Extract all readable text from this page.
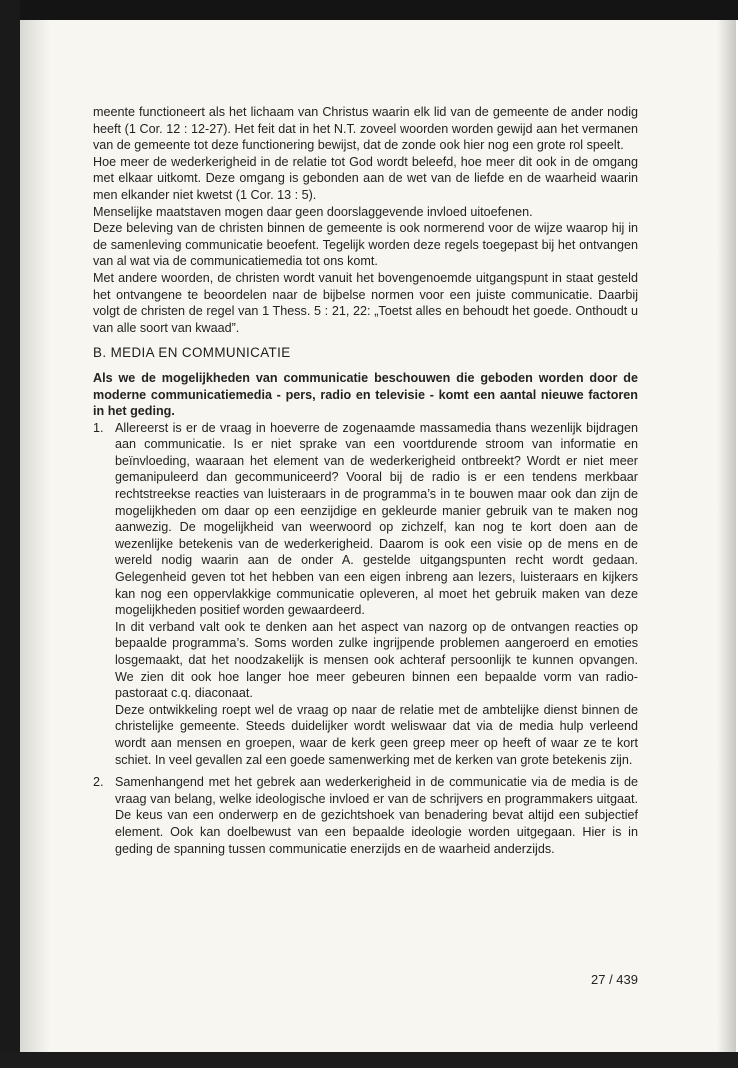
meente functioneert als het lichaam van Christus waarin elk lid van de gemeente de ander nodig heeft (1 Cor. 12 : 12-27). Het feit dat in het N.T. zoveel woorden worden gewijd aan het vermanen van de gemeente tot deze functionering bewijst, dat de zonde ook hier nog een grote rol speelt.

Hoe meer de wederkerigheid in de relatie tot God wordt beleefd, hoe meer dit ook in de omgang met elkaar uitkomt. Deze omgang is gebonden aan de wet van de liefde en de waarheid waarin men elkander niet kwetst (1 Cor. 13 : 5).

Menselijke maatstaven mogen daar geen doorslaggevende invloed uitoefenen.

Deze beleving van de christen binnen de gemeente is ook normerend voor de wijze waarop hij in de samenleving communicatie beoefent. Tegelijk worden deze regels toegepast bij het ontvangen van al wat via de communicatiemedia tot ons komt.

Met andere woorden, de christen wordt vanuit het bovengenoemde uitgangspunt in staat gesteld het ontvangene te beoordelen naar de bijbelse normen voor een juiste communicatie. Daarbij volgt de christen de regel van 1 Thess. 5 : 21, 22: „Toetst alles en behoudt het goede. Onthoudt u van alle soort van kwaad”.

B. MEDIA EN COMMUNICATIE

Als we de mogelijkheden van communicatie beschouwen die geboden worden door de moderne communicatiemedia - pers, radio en televisie - komt een aantal nieuwe factoren in het geding.

1. Allereerst is er de vraag in hoeverre de zogenaamde massamedia thans wezenlijk bijdragen aan communicatie. Is er niet sprake van een voortdurende stroom van informatie en beïnvloeding, waaraan het element van de wederkerigheid ontbreekt? Wordt er niet meer gemanipuleerd dan gecommuniceerd? Vooral bij de radio is er een tendens merkbaar rechtstreekse reacties van luisteraars in de programma’s in te bouwen maar ook dan zijn de mogelijkheden om daar op een eenzijdige en gekleurde manier gebruik van te maken nog aanwezig. De mogelijkheid van weerwoord op zichzelf, kan nog te kort doen aan de wezenlijke betekenis van de wederkerigheid. Daarom is ook een visie op de mens en de wereld nodig waarin aan de onder A. gestelde uitgangspunten recht wordt gedaan. Gelegenheid geven tot het hebben van een eigen inbreng aan lezers, luisteraars en kijkers kan nog een oppervlakkige communicatie opleveren, al moet het gebruik maken van deze mogelijkheden positief worden gewaardeerd.

In dit verband valt ook te denken aan het aspect van nazorg op de ontvangen reacties op bepaalde programma’s. Soms worden zulke ingrijpende problemen aangeroerd en emoties losgemaakt, dat het noodzakelijk is mensen ook achteraf persoonlijk te kunnen opvangen. We zien dit ook hoe langer hoe meer gebeuren binnen een bepaalde vorm van radio-pastoraat c.q. diaconaat.

Deze ontwikkeling roept wel de vraag op naar de relatie met de ambtelijke dienst binnen de christelijke gemeente. Steeds duidelijker wordt weliswaar dat via de media hulp verleend wordt aan mensen en groepen, waar de kerk geen greep meer op heeft of waar ze te kort schiet. In veel gevallen zal een goede samenwerking met de kerken van grote betekenis zijn.

2. Samenhangend met het gebrek aan wederkerigheid in de communicatie via de media is de vraag van belang, welke ideologische invloed er van de schrijvers en programmakers uitgaat. De keus van een onderwerp en de gezichtshoek van benadering bevat altijd een subjectief element. Ook kan doelbewust van een bepaalde ideologie worden uitgegaan. Hier is in geding de spanning tussen communicatie enerzijds en de waarheid anderzijds.

27 / 439
